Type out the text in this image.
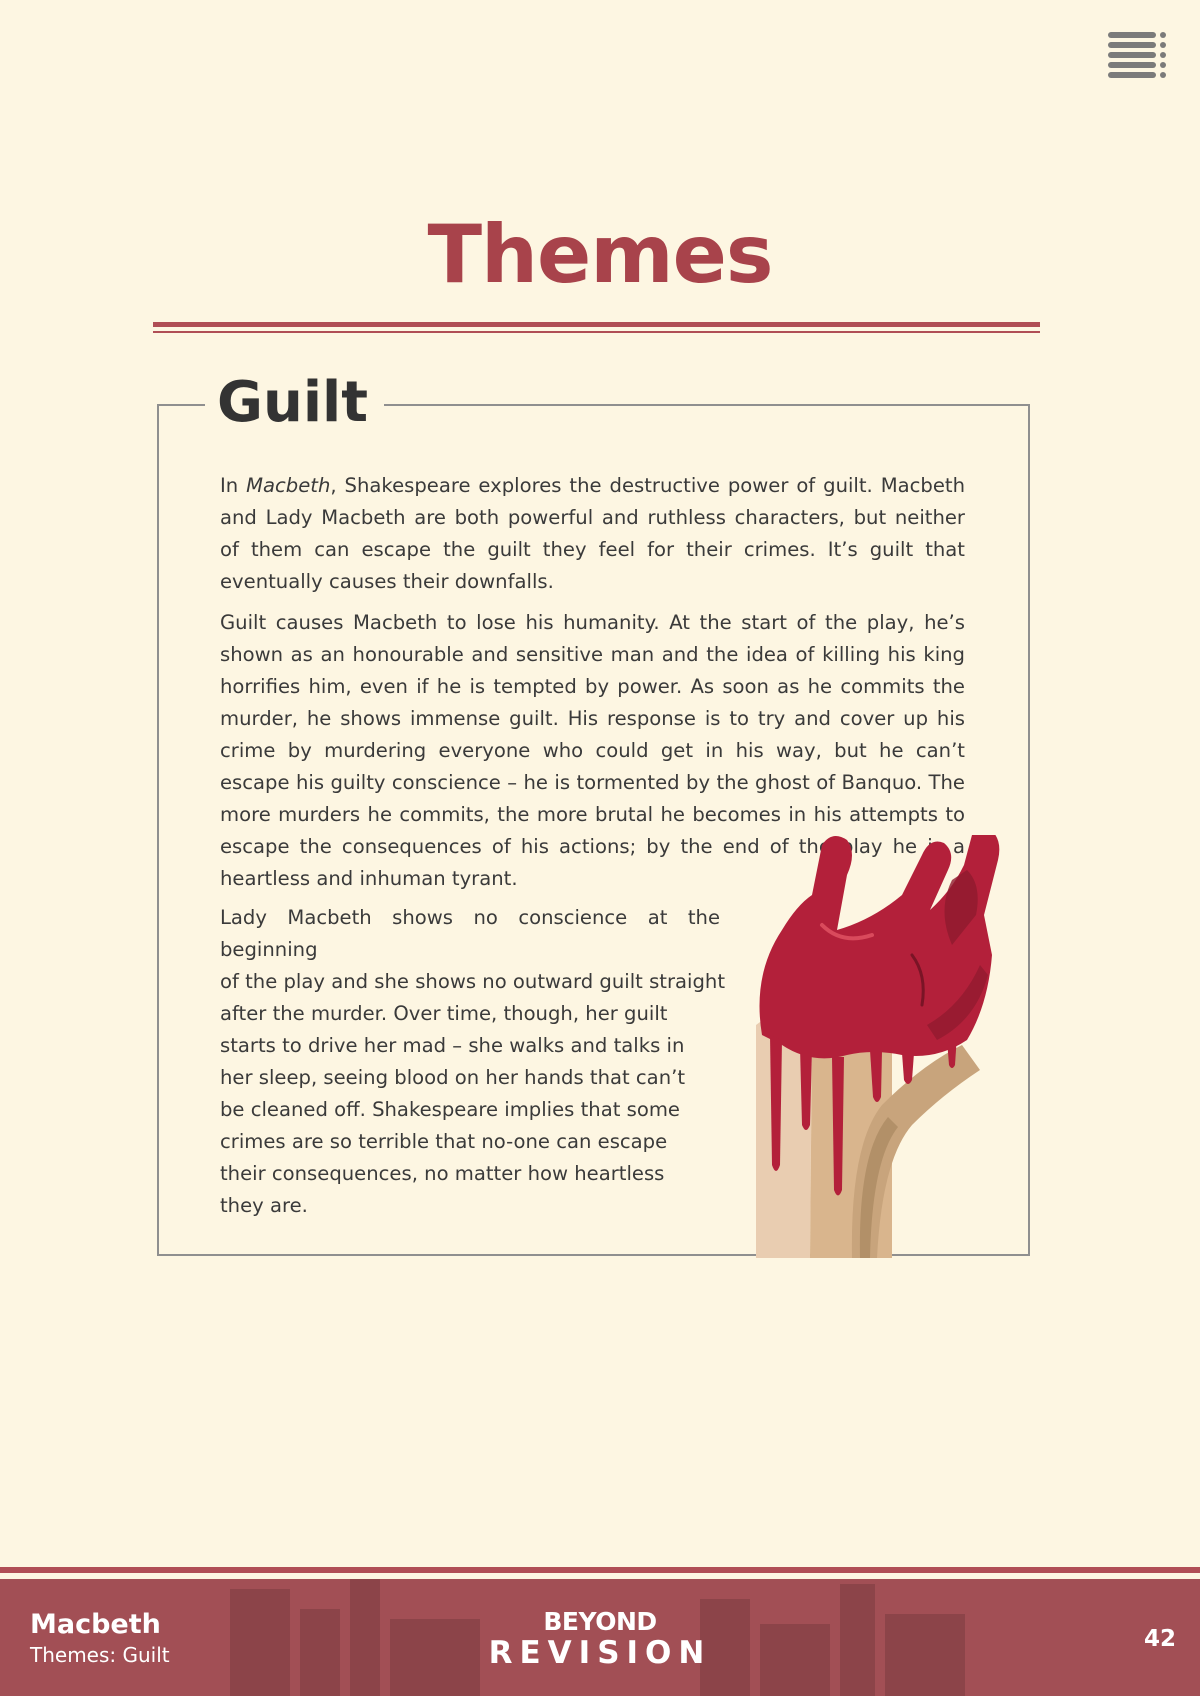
Themes
Guilt

In Macbeth, Shakespeare explores the destructive power of guilt. Macbeth and Lady Macbeth are both powerful and ruthless characters, but neither of them can escape the guilt they feel for their crimes. It’s guilt that eventually causes their downfalls.

Guilt causes Macbeth to lose his humanity. At the start of the play, he’s shown as an honourable and sensitive man and the idea of killing his king horrifies him, even if he is tempted by power. As soon as he commits the murder, he shows immense guilt. His response is to try and cover up his crime by murdering everyone who could get in his way, but he can’t escape his guilty conscience – he is tormented by the ghost of Banquo. The more murders he commits, the more brutal he becomes in his attempts to escape the consequences of his actions; by the end of the play he is a heartless and inhuman tyrant.

Lady Macbeth shows no conscience at the beginning
of the play and she shows no outward guilt straight
after the murder. Over time, though, her guilt
starts to drive her mad – she walks and talks in
her sleep, seeing blood on her hands that can’t
be cleaned off. Shakespeare implies that some
crimes are so terrible that no-one can escape
their consequences, no matter how heartless
they are.

Macbeth
Themes: Guilt
BEYOND
REVISION	42
